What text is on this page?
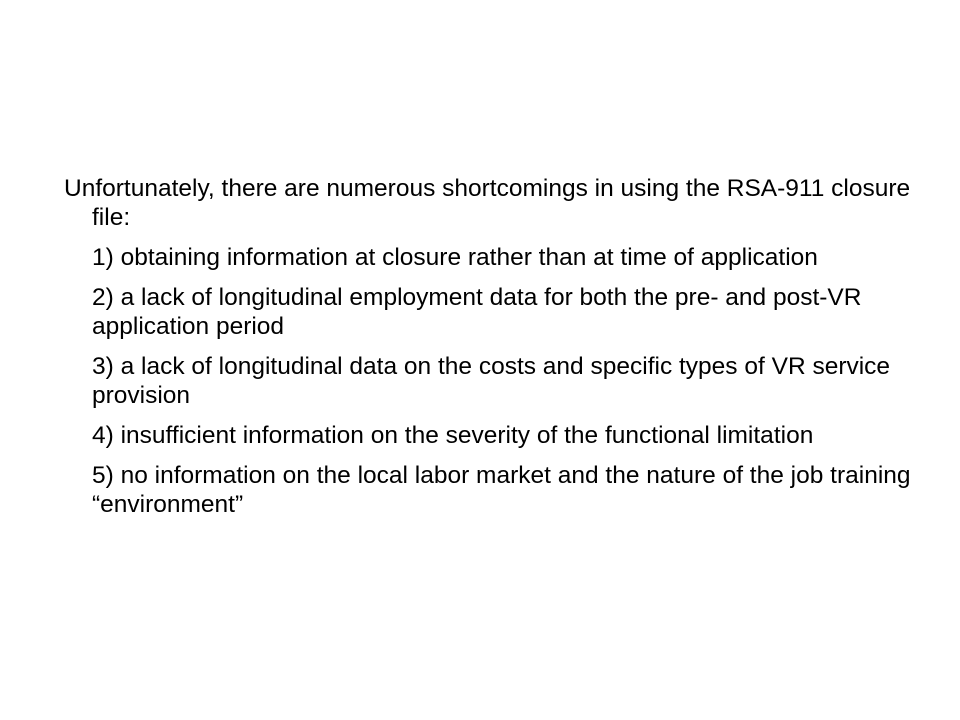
Unfortunately, there are numerous shortcomings in using the RSA-911 closure file:

1) obtaining information at closure rather than at time of application
2) a lack of longitudinal employment data for both the pre- and post-VR application period
3) a lack of longitudinal data on the costs and specific types of VR service provision
4) insufficient information on the severity of the functional limitation
5) no information on the local labor market and the nature of the job training “environment”
